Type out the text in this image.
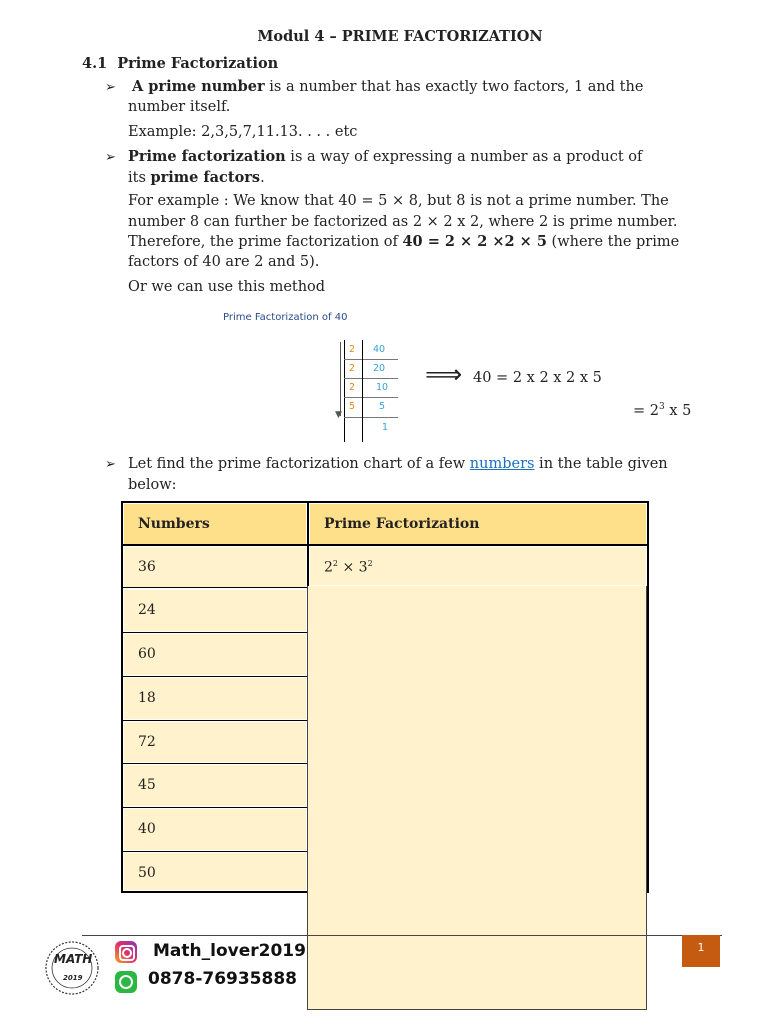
Modul 4 – PRIME FACTORIZATION
4.1 Prime Factorization
➢ A prime number is a number that has exactly two factors, 1 and the
number itself.
Example: 2,3,5,7,11.13. . . . etc
➢ Prime factorization is a way of expressing a number as a product of
its prime factors.
For example : We know that 40 = 5 × 8, but 8 is not a prime number. The
number 8 can further be factorized as 2 × 2 x 2, where 2 is prime number.
Therefore, the prime factorization of 40 = 2 × 2 ×2 × 5 (where the prime
factors of 40 are 2 and 5).
Or we can use this method
Prime Factorization of 40
▼
2
2
2
5
40
20
10
5
1
⟹ 40 = 2 x 2 x 2 x 5
= $2^3$ x 5
➢ Let find the prime factorization chart of a few numbers in the table given
below:
Numbers	Prime Factorization
36
24
60
18
72
45
40
50
$2^2 \times 3^2$
1
MATH
2019
Math_lover2019
0878-76935888
